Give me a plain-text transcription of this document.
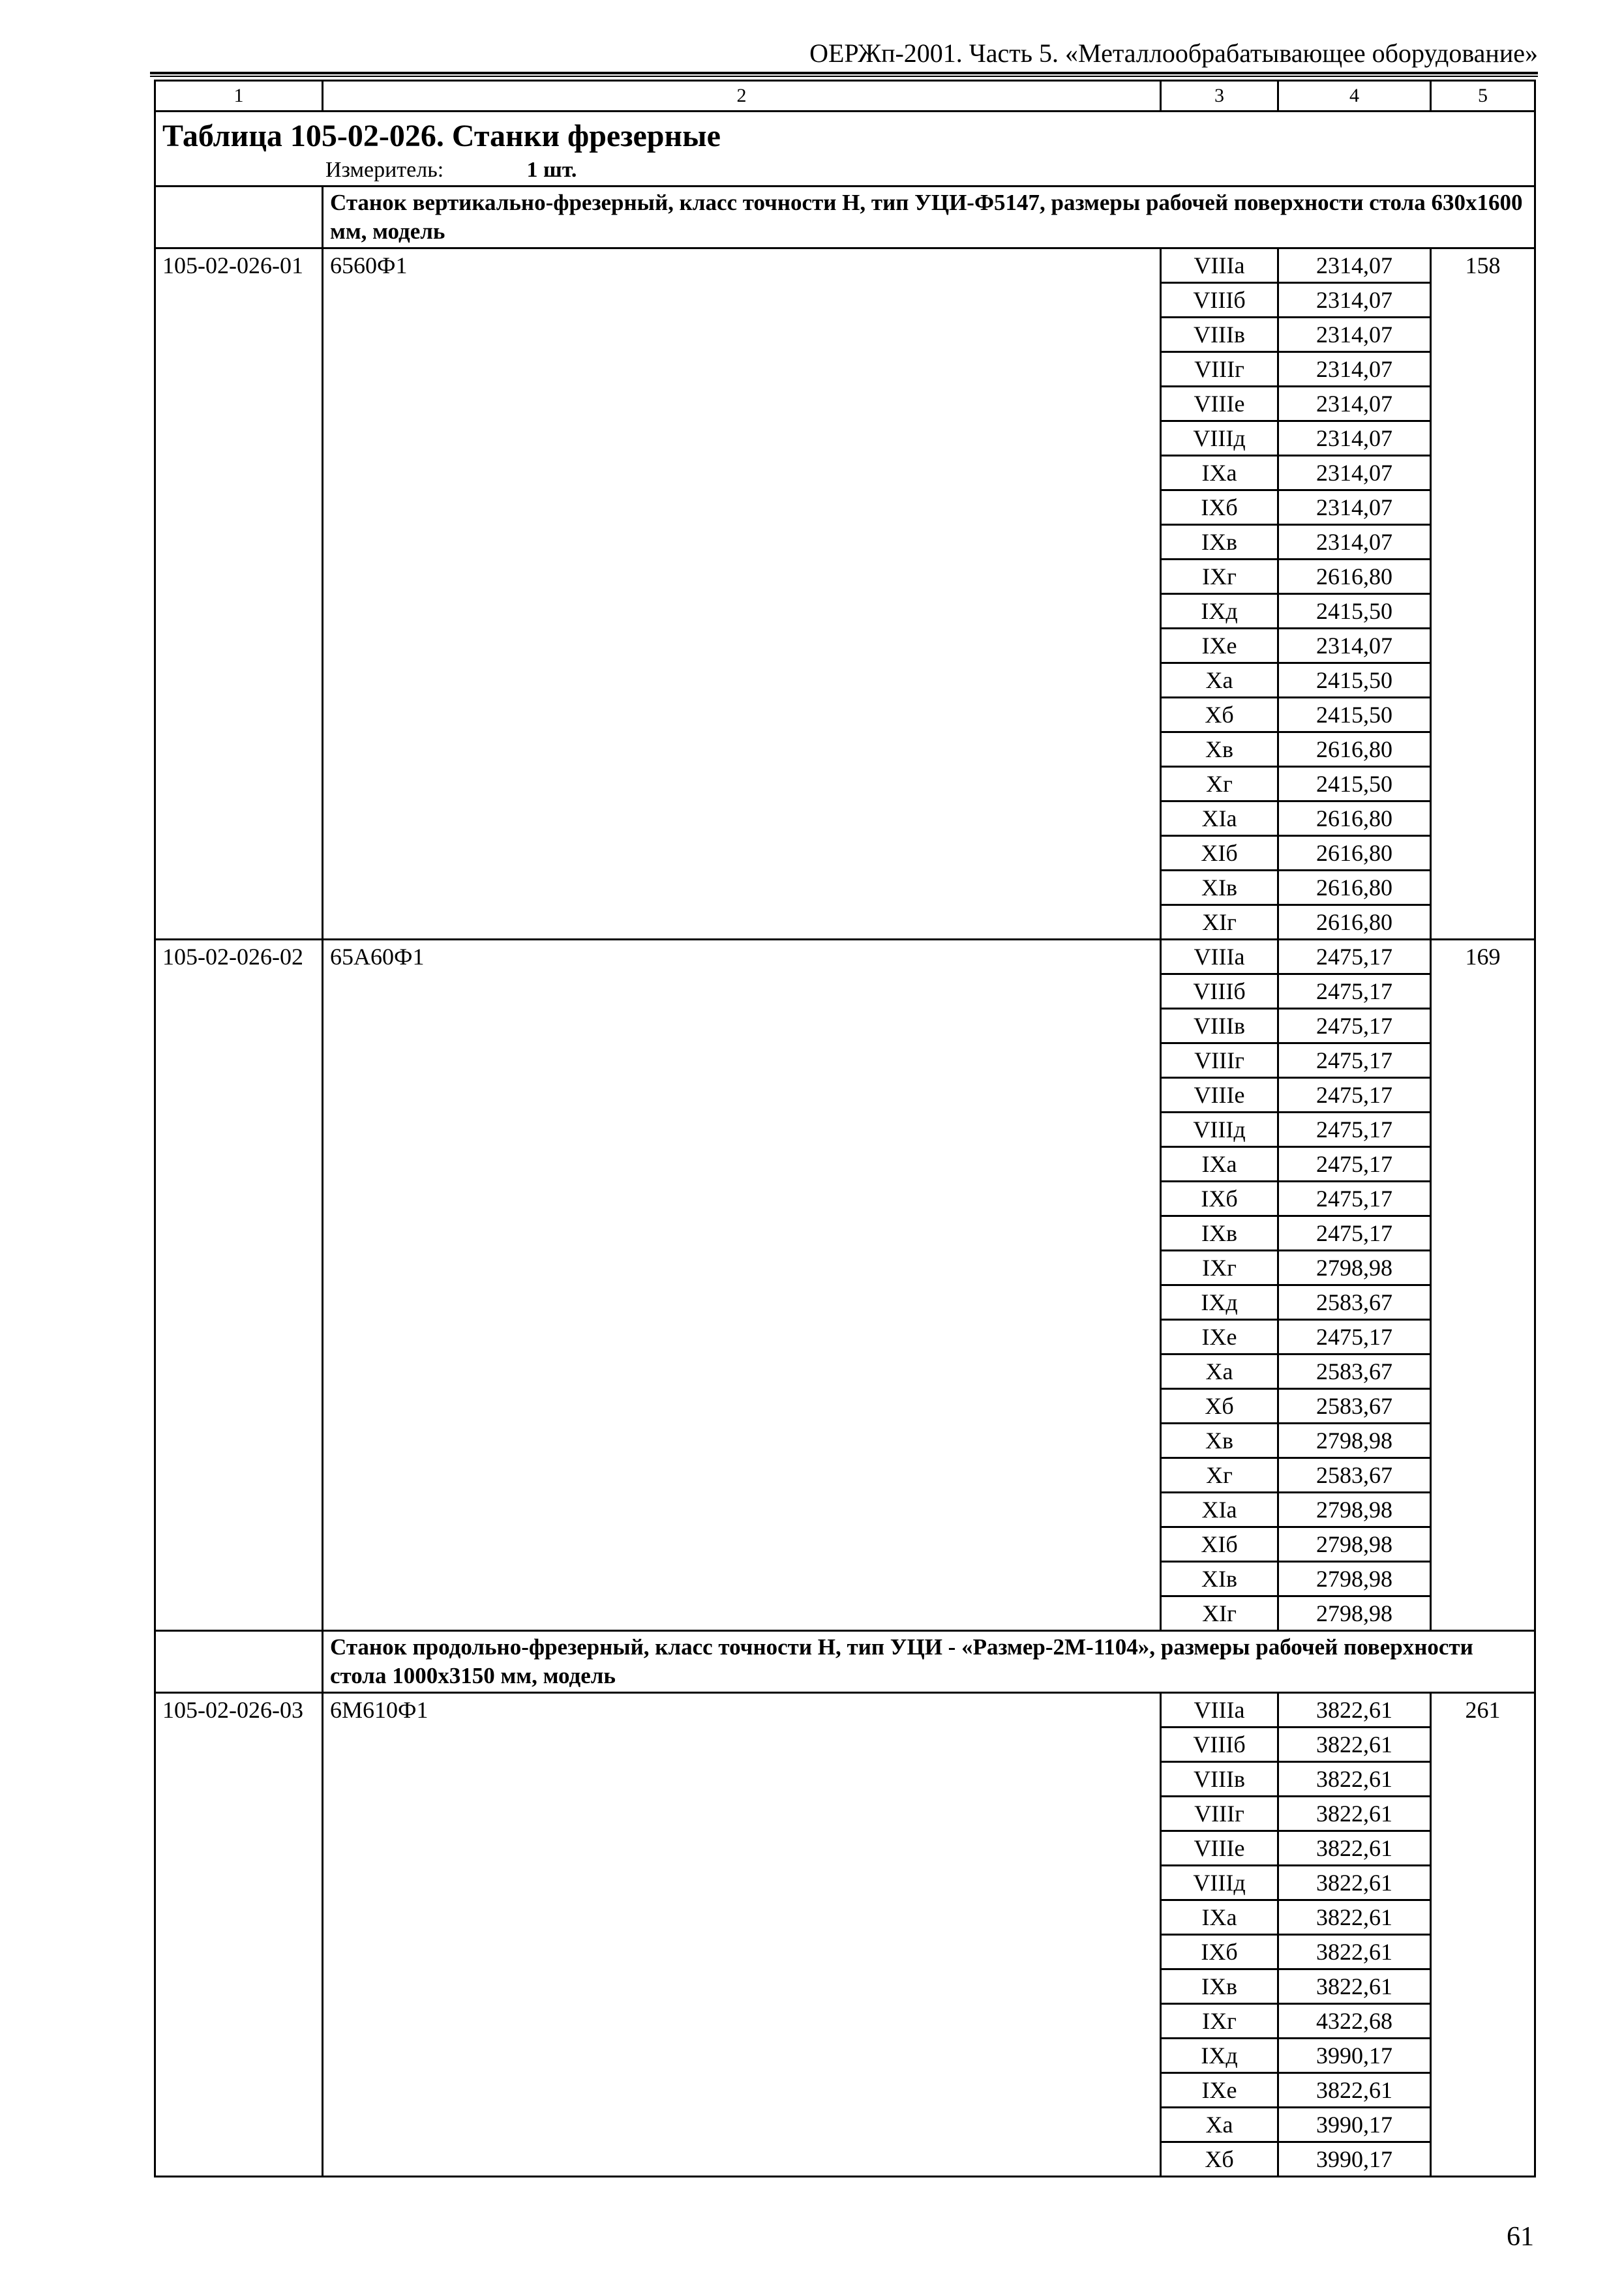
ОЕРЖп-2001. Часть 5. «Металлообрабатывающее оборудование»
1	2	3	4	5

Таблица 105-02-026. Станки фрезерные
Измеритель: 1 шт.				

	Станок вертикально-фрезерный, класс точности Н, тип УЦИ-Ф5147, размеры рабочей поверхности стола 630x1600 мм, модель			
105-02-026-01	6560Ф1	VIIIa	2314,07	158
		VIIIб	2314,07	
		VIIIв	2314,07	
		VIIIг	2314,07	
		VIIIe	2314,07	
		VIIIд	2314,07	
		IXa	2314,07	
		IXб	2314,07	
		IXв	2314,07	
		IXг	2616,80	
		IXд	2415,50	
		IXe	2314,07	
		Xa	2415,50	
		Xб	2415,50	
		Xв	2616,80	
		Xг	2415,50	
		XIa	2616,80	
		XIб	2616,80	
		XIв	2616,80	
		XIг	2616,80	
105-02-026-02	65А60Ф1	VIIIa	2475,17	169
		VIIIб	2475,17	
		VIIIв	2475,17	
		VIIIг	2475,17	
		VIIIe	2475,17	
		VIIIд	2475,17	
		IXa	2475,17	
		IXб	2475,17	
		IXв	2475,17	
		IXг	2798,98	
		IXд	2583,67	
		IXe	2475,17	
		Xa	2583,67	
		Xб	2583,67	
		Xв	2798,98	
		Xг	2583,67	
		XIa	2798,98	
		XIб	2798,98	
		XIв	2798,98	
		XIг	2798,98	
	Станок продольно-фрезерный, класс точности Н, тип УЦИ - «Размер-2М-1104», размеры рабочей поверхности стола 1000x3150 мм, модель			
105-02-026-03	6М610Ф1	VIIIa	3822,61	261
		VIIIб	3822,61	
		VIIIв	3822,61	
		VIIIг	3822,61	
		VIIIe	3822,61	
		VIIIд	3822,61	
		IXa	3822,61	
		IXб	3822,61	
		IXв	3822,61	
		IXг	4322,68	
		IXд	3990,17	
		IXe	3822,61	
		Xa	3990,17	
		Xб	3990,17	
61
